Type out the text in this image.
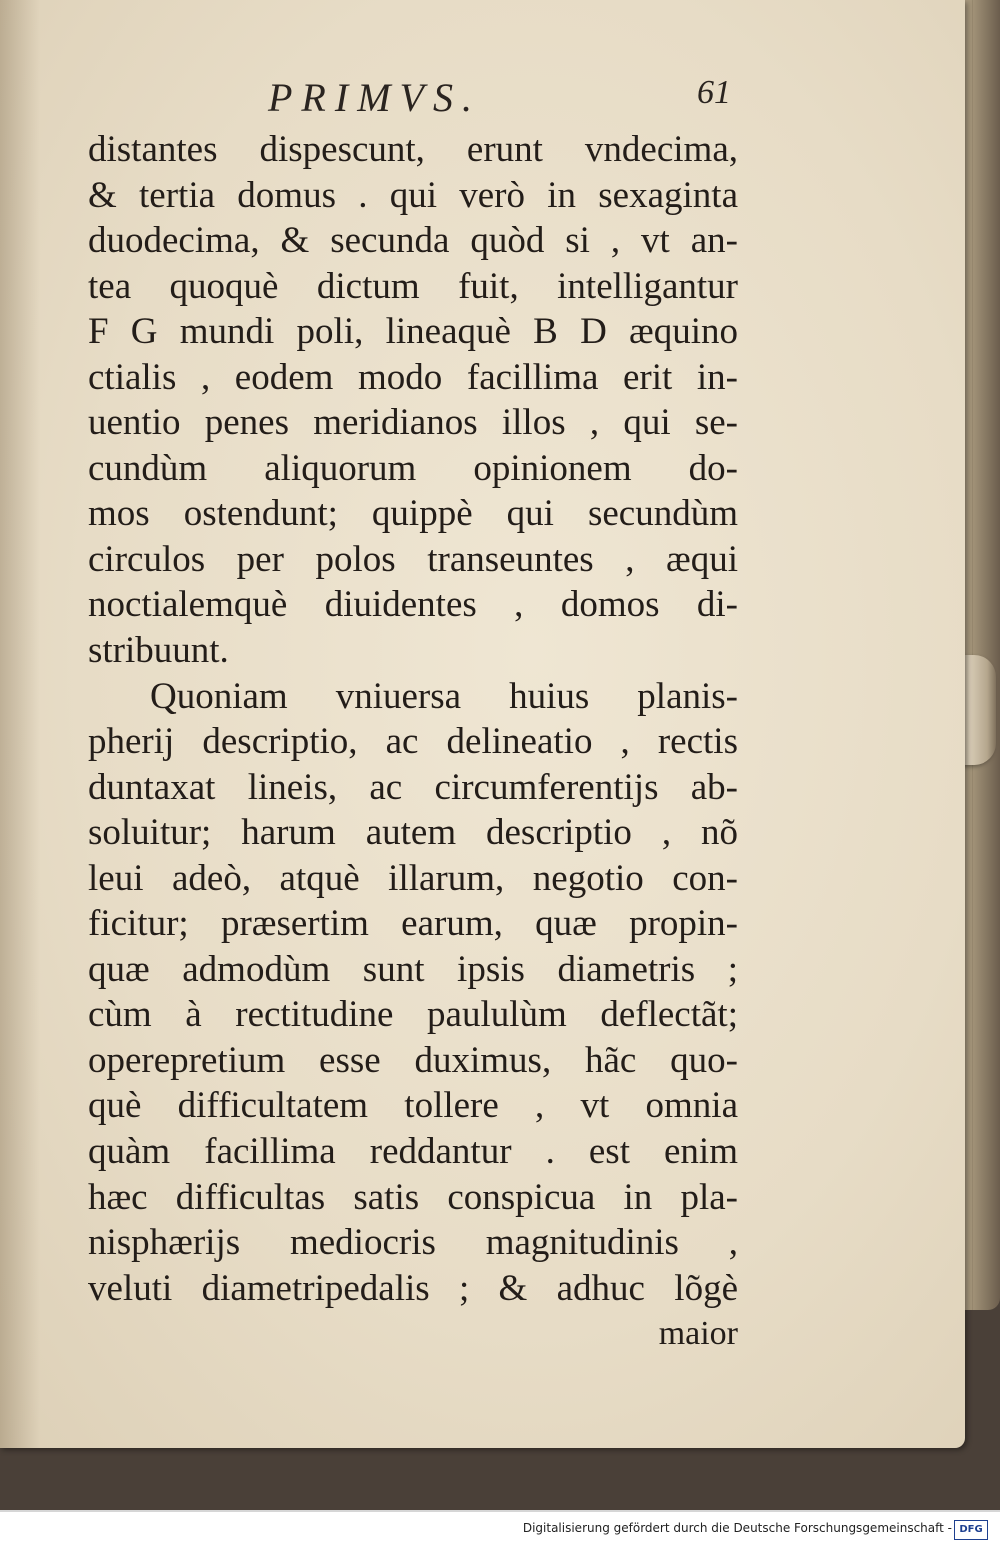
PRIMVS.	61
distantes dispescunt, erunt vndecima,
& tertia domus . qui verò in sexaginta
duodecima, & secunda quòd si , vt an-
tea quoquè dictum fuit, intelligantur
F G mundi poli, lineaquè B D æquino
ctialis , eodem modo facillima erit in-
uentio penes meridianos illos , qui se-
cundùm aliquorum opinionem do-
mos ostendunt; quippè qui secundùm
circulos per polos transeuntes , æqui
noctialemquè diuidentes , domos di-
stribuunt.
Quoniam vniuersa huius planis-
pherij descriptio, ac delineatio , rectis
duntaxat lineis, ac circumferentijs ab-
soluitur; harum autem descriptio , nõ
leui adeò, atquè illarum, negotio con-
ficitur; præsertim earum, quæ propin-
quæ admodùm sunt ipsis diametris ;
cùm à rectitudine paululùm deflectãt;
operepretium esse duximus, hãc quo-
què difficultatem tollere , vt omnia
quàm facillima reddantur . est enim
hæc difficultas satis conspicua in pla-
nisphærijs mediocris magnitudinis ,
veluti diametripedalis ; & adhuc lõgè
maior
Digitalisierung gefördert durch die Deutsche Forschungsgemeinschaft - DFG
